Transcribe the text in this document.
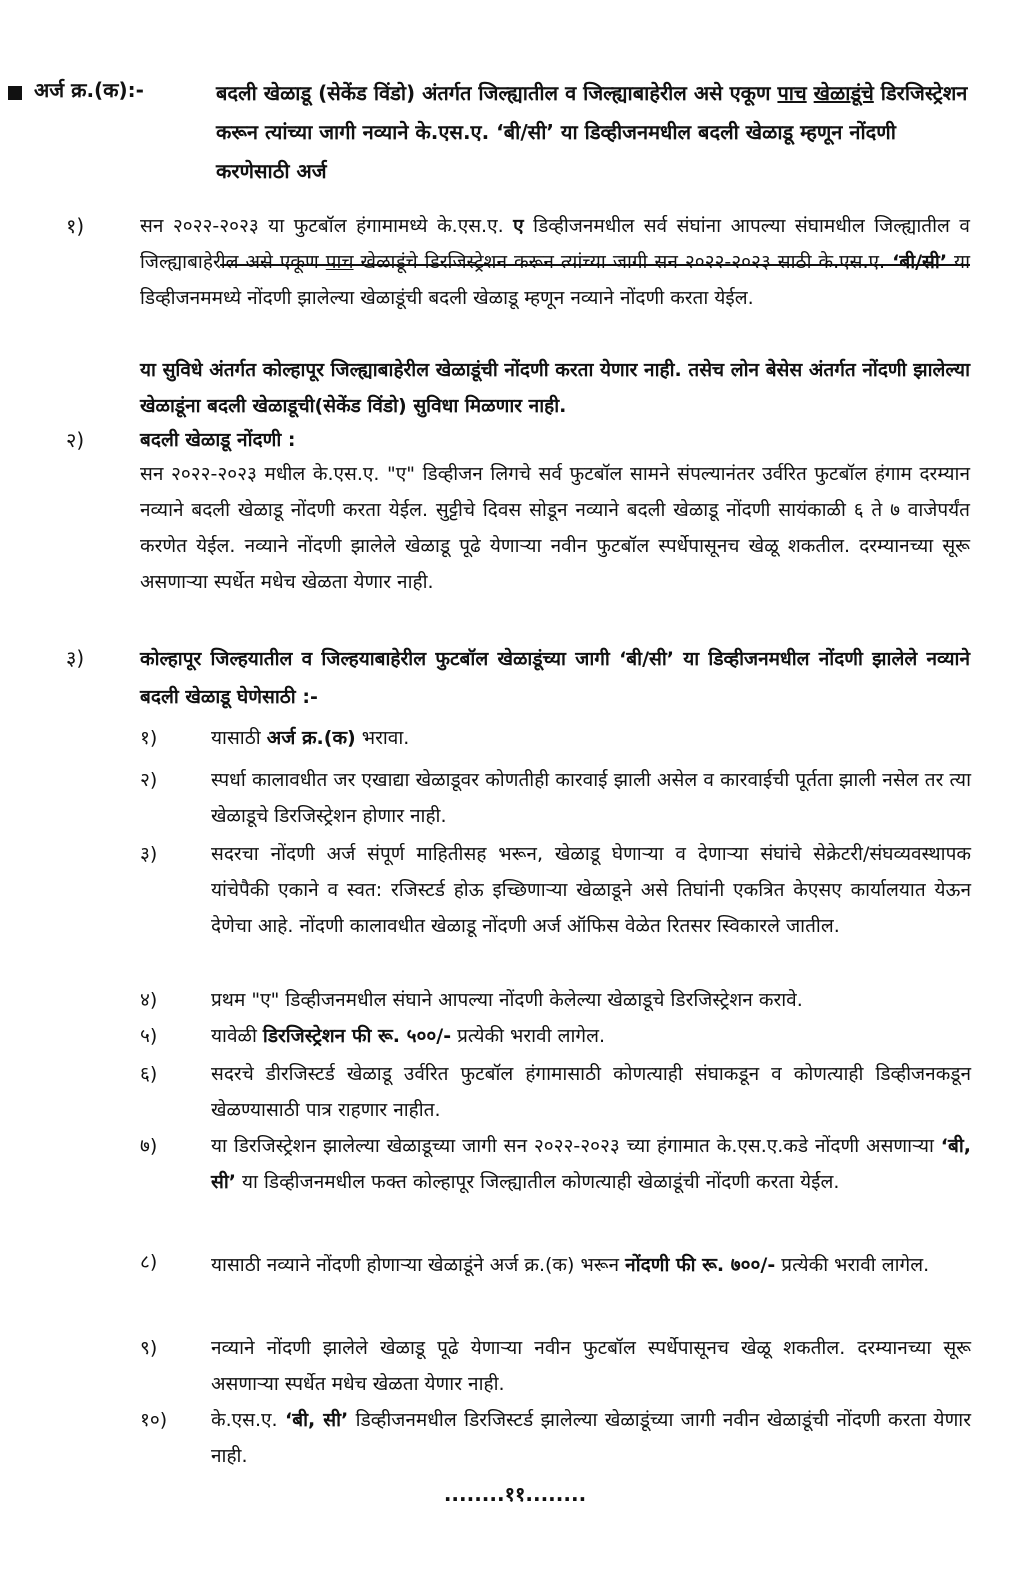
अर्ज क्र.(क):-	बदली खेळाडू (सेकेंड विंडो) अंतर्गत जिल्ह्यातील व जिल्ह्याबाहेरील असे एकूण पाच खेळाडूंचे डिरजिस्ट्रेशन करून त्यांच्या जागी नव्याने के.एस.ए. ‘बी/सी’ या डिव्हीजनमधील बदली खेळाडू म्हणून नोंदणी करणेसाठी अर्ज
१)	सन २०२२-२०२३ या फुटबॉल हंगामामध्ये के.एस.ए. ए डिव्हीजनमधील सर्व संघांना आपल्या संघामधील जिल्ह्यातील व जिल्ह्याबाहेरील असे एकूण पाच खेळाडूंचे डिरजिस्ट्रेशन करून त्यांच्या जागी सन २०२२-२०२३ साठी के.एस.ए. ‘बी/सी’ या डिव्हीजनममध्ये नोंदणी झालेल्या खेळाडूंची बदली खेळाडू म्हणून नव्याने नोंदणी करता येईल.
या सुविधे अंतर्गत कोल्हापूर जिल्ह्याबाहेरील खेळाडूंची नोंदणी करता येणार नाही. तसेच लोन बेसेस अंतर्गत नोंदणी झालेल्या खेळाडूंना बदली खेळाडूची(सेकेंड विंडो) सुविधा मिळणार नाही.
२)	बदली खेळाडू नोंदणी :
सन २०२२-२०२३ मधील के.एस.ए. "ए" डिव्हीजन लिगचे सर्व फुटबॉल सामने संपल्यानंतर उर्वरित फुटबॉल हंगाम दरम्यान नव्याने बदली खेळाडू नोंदणी करता येईल. सुट्टीचे दिवस सोडून नव्याने बदली खेळाडू नोंदणी सायंकाळी ६ ते ७ वाजेपर्यंत करणेत येईल. नव्याने नोंदणी झालेले खेळाडू पूढे येणाऱ्या नवीन फुटबॉल स्पर्धेपासूनच खेळू शकतील. दरम्यानच्या सूरू असणाऱ्या स्पर्धेत मधेच खेळता येणार नाही.
३)	कोल्हापूर जिल्हयातील व जिल्हयाबाहेरील फुटबॉल खेळाडूंच्या जागी ‘बी/सी’ या डिव्हीजनमधील नोंदणी झालेले नव्याने बदली खेळाडू घेणेसाठी :-
१)	यासाठी अर्ज क्र.(क) भरावा.
२)	स्पर्धा कालावधीत जर एखाद्या खेळाडूवर कोणतीही कारवाई झाली असेल व कारवाईची पूर्तता झाली नसेल तर त्या खेळाडूचे डिरजिस्ट्रेशन होणार नाही.
३)	सदरचा नोंदणी अर्ज संपूर्ण माहितीसह भरून, खेळाडू घेणाऱ्या व देणाऱ्या संघांचे सेक्रेटरी/संघव्यवस्थापक यांचेपैकी एकाने व स्वत: रजिस्टर्ड होऊ इच्छिणाऱ्या खेळाडूने असे तिघांनी एकत्रित केएसए कार्यालयात येऊन देणेचा आहे. नोंदणी कालावधीत खेळाडू नोंदणी अर्ज ऑफिस वेळेत रितसर स्विकारले जातील.
४)	प्रथम "ए" डिव्हीजनमधील संघाने आपल्या नोंदणी केलेल्या खेळाडूचे डिरजिस्ट्रेशन करावे.
५)	यावेळी डिरजिस्ट्रेशन फी रू. ५००/- प्रत्येकी भरावी लागेल.
६)	सदरचे डीरजिस्टर्ड खेळाडू उर्वरित फुटबॉल हंगामासाठी कोणत्याही संघाकडून व कोणत्याही डिव्हीजनकडून खेळण्यासाठी पात्र राहणार नाहीत.
७)	या डिरजिस्ट्रेशन झालेल्या खेळाडूच्या जागी सन २०२२-२०२३ च्या हंगामात के.एस.ए.कडे नोंदणी असणाऱ्या ‘बी, सी’ या डिव्हीजनमधील फक्त कोल्हापूर जिल्ह्यातील कोणत्याही खेळाडूंची नोंदणी करता येईल.
८)	यासाठी नव्याने नोंदणी होणाऱ्या खेळाडूंने अर्ज क्र.(क) भरून नोंदणी फी रू. ७००/- प्रत्येकी भरावी लागेल.
९)	नव्याने नोंदणी झालेले खेळाडू पूढे येणाऱ्या नवीन फुटबॉल स्पर्धेपासूनच खेळू शकतील. दरम्यानच्या सूरू असणाऱ्या स्पर्धेत मधेच खेळता येणार नाही.
१०) के.एस.ए. ‘बी, सी’ डिव्हीजनमधील डिरजिस्टर्ड झालेल्या खेळाडूंच्या जागी नवीन खेळाडूंची नोंदणी करता येणार नाही.
........११........
